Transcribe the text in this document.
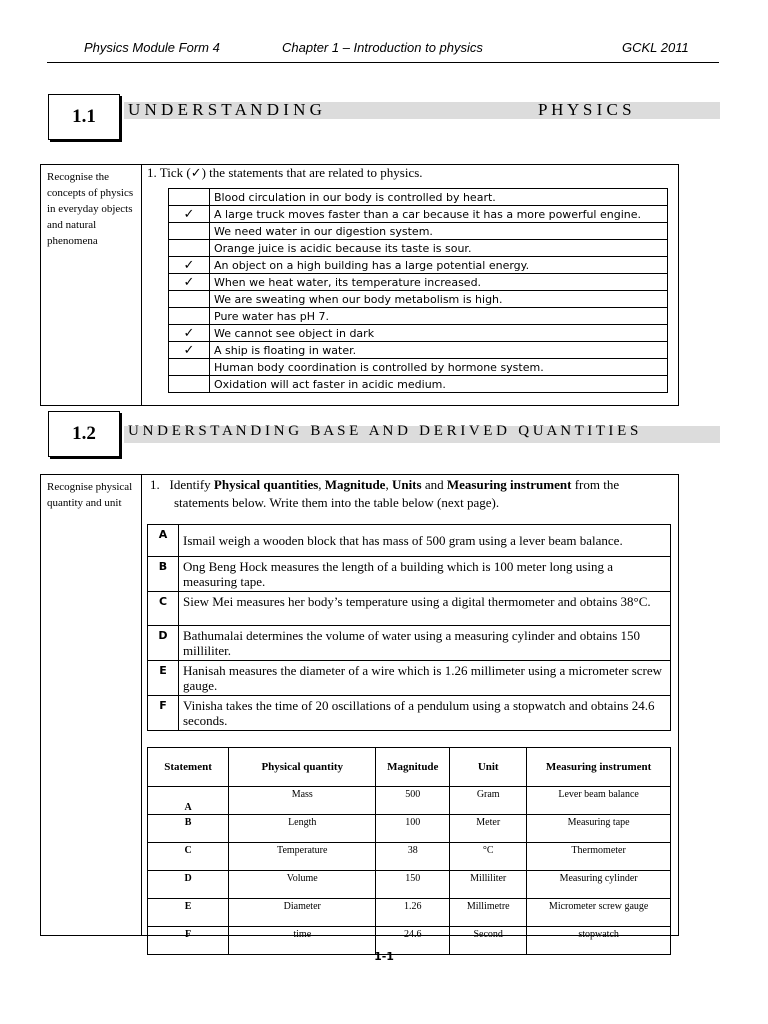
Physics Module Form 4	Chapter 1 – Introduction to physics	GCKL 2011
1.1	U N D E R S T A N D I N G	P H Y S I C S
Recognise the concepts of physics in everyday objects and natural phenomena
1. Tick (✓) the statements that are related to physics.
	Blood circulation in our body is controlled by heart.
✓	A large truck moves faster than a car because it has a more powerful engine.
	We need water in our digestion system.
	Orange juice is acidic because its taste is sour.
✓	An object on a high building has a large potential energy.
✓	When we heat water, its temperature increased.
	We are sweating when our body metabolism is high.
	Pure water has pH 7.
✓	We cannot see object in dark
✓	A ship is floating in water.
	Human body coordination is controlled by hormone system.
	Oxidation will act faster in acidic medium.
1.2	U N D E R S T A N D I N G   B A S E   A N D   D E R I V E D   Q U A N T I T I E S
Recognise physical quantity and unit
1.   Identify Physical quantities, Magnitude, Units and Measuring instrument from the
statements below. Write them into the table below (next page).
A	Ismail weigh a wooden block that has mass of 500 gram using a lever beam balance.
B	Ong Beng Hock measures the length of a building which is 100 meter long using a measuring tape.
C	Siew Mei measures her body’s temperature using a digital thermometer and obtains 38°C.
D	Bathumalai determines the volume of water using a measuring cylinder and obtains 150 milliliter.
E	Hanisah measures the diameter of a wire which is 1.26 millimeter using a micrometer screw gauge.
F	Vinisha takes the time of 20 oscillations of a pendulum using a stopwatch and obtains 24.6 seconds.
Statement	Physical quantity	Magnitude	Unit	Measuring instrument
A	Mass	500	Gram	Lever beam balance
B	Length	100	Meter	Measuring tape
C	Temperature	38	°C	Thermometer
D	Volume	150	Milliliter	Measuring cylinder
E	Diameter	1.26	Millimetre	Micrometer screw gauge
F	time	24.6	Second	stopwatch
1-1
